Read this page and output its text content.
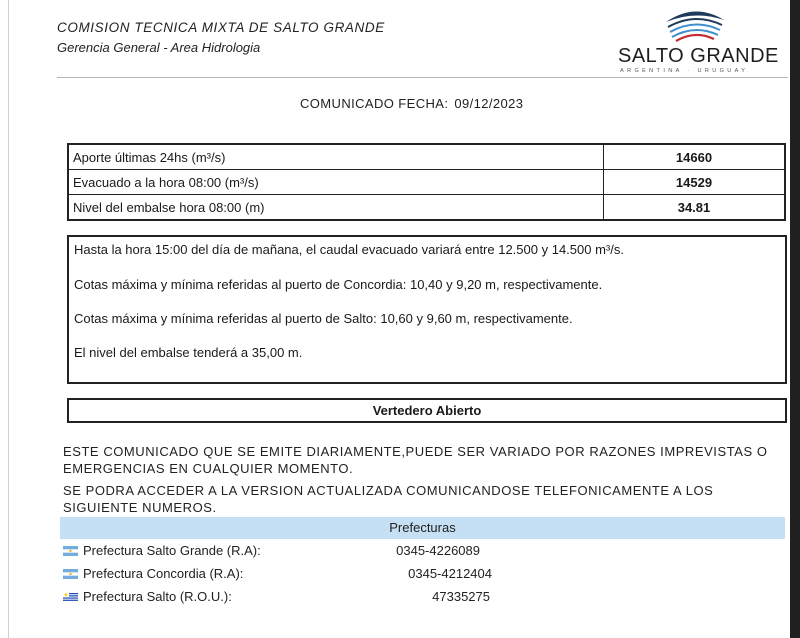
COMISION TECNICA MIXTA DE SALTO GRANDE
Gerencia General - Area Hidrologia	SALTO GRANDE
ARGENTINA · URUGUAY
COMUNICADO FECHA: 09/12/2023
Aporte últimas 24hs (m³/s)	14660
Evacuado a la hora 08:00 (m³/s)	14529
Nivel del embalse hora 08:00 (m)	34.81

Hasta la hora 15:00 del día de mañana, el caudal evacuado variará entre 12.500 y 14.500 m³/s.

Cotas máxima y mínima referidas al puerto de Concordia: 10,40 y 9,20 m, respectivamente.

Cotas máxima y mínima referidas al puerto de Salto: 10,60 y 9,60 m, respectivamente.

El nivel del embalse tenderá a 35,00 m.

Vertedero Abierto
ESTE COMUNICADO QUE SE EMITE DIARIAMENTE,PUEDE SER VARIADO POR RAZONES IMPREVISTAS O
EMERGENCIAS EN CUALQUIER MOMENTO.
SE PODRA ACCEDER A LA VERSION ACTUALIZADA COMUNICANDOSE TELEFONICAMENTE A LOS
SIGUIENTE NUMEROS.
Prefecturas
Prefectura Salto Grande (R.A):	0345-4226089
Prefectura Concordia (R.A):	0345-4212404
Prefectura Salto (R.O.U.):	47335275
